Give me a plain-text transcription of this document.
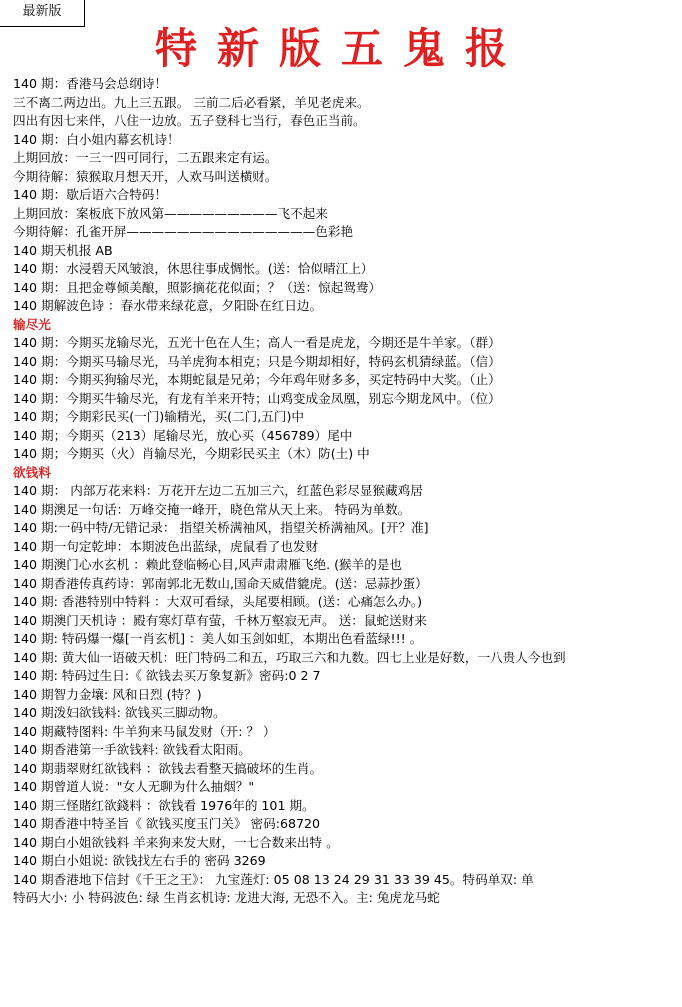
最新版
特新版五鬼报
140 期：香港马会总纲诗！
三不离二两边出。九上三五跟。 三前二后必看紧，羊见老虎来。
四出有因七来伴，八住一边放。五子登科七当行，春色正当前。
140 期：白小姐内幕玄机诗！
上期回放：一三一四可同行，二五跟来定有运。
今期待解：猿猴取月想天开，人欢马叫送横财。
140 期：歇后语六合特码！
上期回放：案板底下放风第—————————飞不起来
今期待解：孔雀开屏———————————————色彩艳
140 期天机报 AB
140 期：水浸碧天风皱浪，休思往事成惆怅。(送：恰似晴江上）
140 期：且把金尊倾美酿，照影摘花花似面；？（送：惊起鸳鸯）
140 期解波色诗 ：春水带来绿花意，夕阳卧在红日边。
输尽光
140 期：今期买龙输尽光，五光十色在人生；高人一看是虎龙，今期还是牛羊家。（群）
140 期：今期买马输尽光，马羊虎狗本相克；只是今期却相好，特码玄机猜绿蓝。（信）
140 期：今期买狗输尽光，本期蛇鼠是兄弟；今年鸡年财多多，买定特码中大奖。（止）
140 期：今期买牛输尽光，有龙有羊来开特；山鸡变成金凤凰，别忘今期龙风中。（位）
140 期；今期彩民买(一门)输精光，买(二门,五门)中
140 期；今期买（213）尾输尽光，放心买（456789）尾中
140 期；今期买（火）肖输尽光，今期彩民买主（木）防(土) 中
欲钱料
140 期： 内部万花来料：万花开左边二五加三六，红蓝色彩尽显猴藏鸡居
140 期澳足一句话：万峰交掩一峰开，晓色常从天上来。 特码为单数。
140 期:一码中特/无错记录： 指望关桥满袖风，指望关桥满袖风。[开？准]
140 期一句定乾坤：本期波色出蓝绿，虎鼠看了也发财
140 期澳门心水玄机 ：赖此登临畅心目,风声肃肃雁飞绝. (猴羊的是也
140 期香港传真药诗：郭南郭北无数山,国命天威借貔虎。(送：忌蒜抄蛋）
140 期: 香港特别中特料 ：大双可看绿，头尾要相顾。(送：心痛怎么办。)
140 期澳门天机诗 ：殿有寒灯草有萤，千林万壑寂无声。 送：鼠蛇送财来
140 期: 特码爆一爆[一肖玄机] ：美人如玉剑如虹，本期出色看蓝绿!!! 。
140 期: 黄大仙一语破天机：旺门特码二和五，巧取三六和九数。四七上业是好数，一八贵人今也到
140 期: 特码过生日:《 欲钱去买万象复新》密码:0 2 7
140 期智力金壤: 风和日烈 (特？)
140 期泼妇欲钱料: 欲钱买三脚动物。
140 期藏特图料: 牛羊狗来马鼠发财（开: ？ ）
140 期香港第一手欲钱料: 欲钱看太阳雨。
140 期翡翠财红欲钱料 ：欲钱去看整天搞破坏的生肖。
140 期曾道人说："女人无聊为什么抽烟？"
140 期三怪賭红欲錢料 ：欲钱看 1976年的 101 期。
140 期香港中特圣旨《 欲钱买度玉门关》 密码:68720
140 期白小姐欲钱料 羊来狗来发大财，一七合数来出特 。
140 期白小姐说: 欲钱找左右手的 密码 3269
140 期香港地下信封《千王之王》： 九宝莲灯: 05 08 13 24 29 31 33 39 45。特码单双: 单
特码大小: 小 特码波色: 绿 生肖玄机诗: 龙进大海, 无恐不入。主: 兔虎龙马蛇
